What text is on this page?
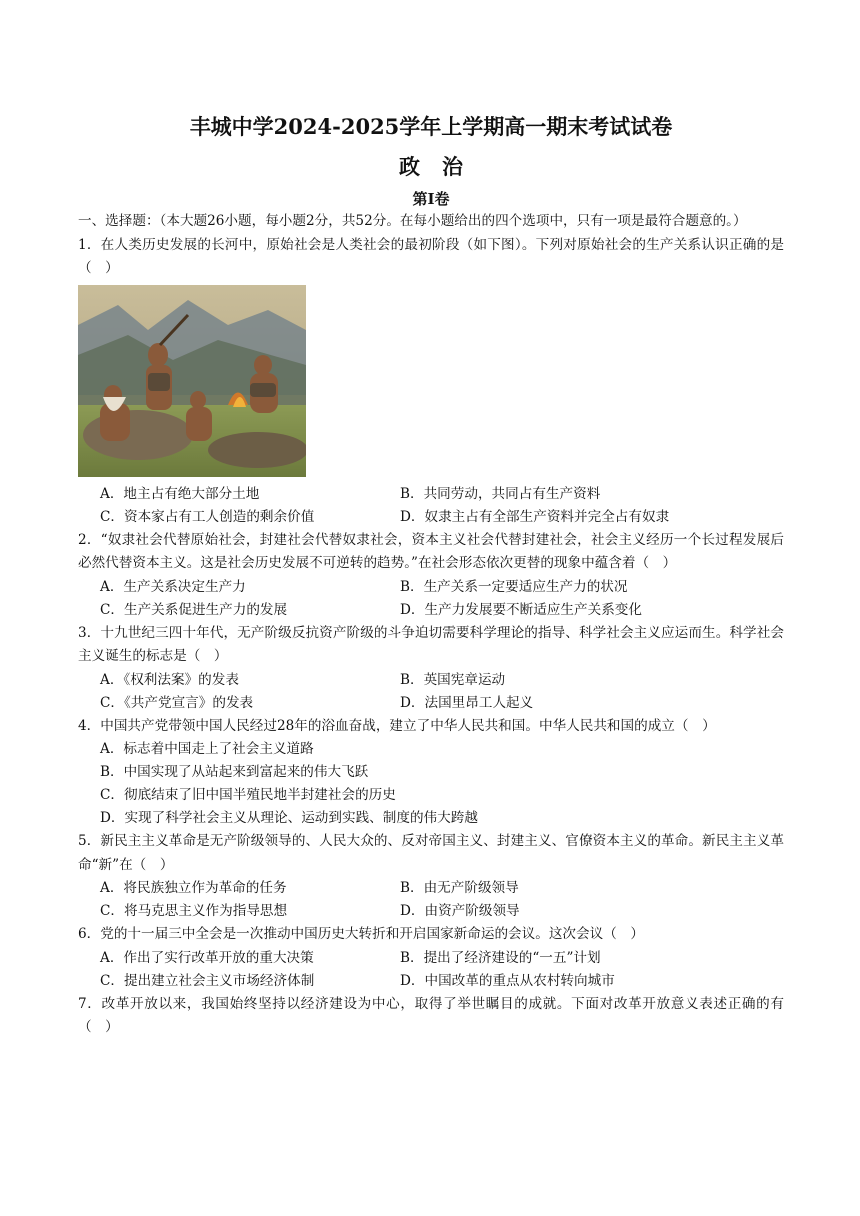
丰城中学2024-2025学年上学期高一期末考试试卷
政治
第Ⅰ卷

一、选择题：（本大题26小题，每小题2分，共52分。在每小题给出的四个选项中，只有一项是最符合题意的。）

1．在人类历史发展的长河中，原始社会是人类社会的最初阶段（如下图）。下列对原始社会的生产关系认识正确的是（　）

A．地主占有绝大部分土地	B．共同劳动，共同占有生产资料
C．资本家占有工人创造的剩余价值	D．奴隶主占有全部生产资料并完全占有奴隶

2．“奴隶社会代替原始社会，封建社会代替奴隶社会，资本主义社会代替封建社会，社会主义经历一个长过程发展后必然代替资本主义。这是社会历史发展不可逆转的趋势。”在社会形态依次更替的现象中蕴含着（　）

A．生产关系决定生产力	B．生产关系一定要适应生产力的状况
C．生产关系促进生产力的发展	D．生产力发展要不断适应生产关系变化

3．十九世纪三四十年代，无产阶级反抗资产阶级的斗争迫切需要科学理论的指导、科学社会主义应运而生。科学社会主义诞生的标志是（　）

A．《权利法案》的发表	B．英国宪章运动
C．《共产党宣言》的发表	D．法国里昂工人起义

4．中国共产党带领中国人民经过28年的浴血奋战，建立了中华人民共和国。中华人民共和国的成立（　）

A．标志着中国走上了社会主义道路
B．中国实现了从站起来到富起来的伟大飞跃
C．彻底结束了旧中国半殖民地半封建社会的历史
D．实现了科学社会主义从理论、运动到实践、制度的伟大跨越

5．新民主主义革命是无产阶级领导的、人民大众的、反对帝国主义、封建主义、官僚资本主义的革命。新民主主义革命“新”在（　）

A．将民族独立作为革命的任务	B．由无产阶级领导
C．将马克思主义作为指导思想	D．由资产阶级领导

6．党的十一届三中全会是一次推动中国历史大转折和开启国家新命运的会议。这次会议（　）

A．作出了实行改革开放的重大决策	B．提出了经济建设的“一五”计划
C．提出建立社会主义市场经济体制	D．中国改革的重点从农村转向城市

7．改革开放以来，我国始终坚持以经济建设为中心，取得了举世瞩目的成就。下面对改革开放意义表述正确的有（　）
